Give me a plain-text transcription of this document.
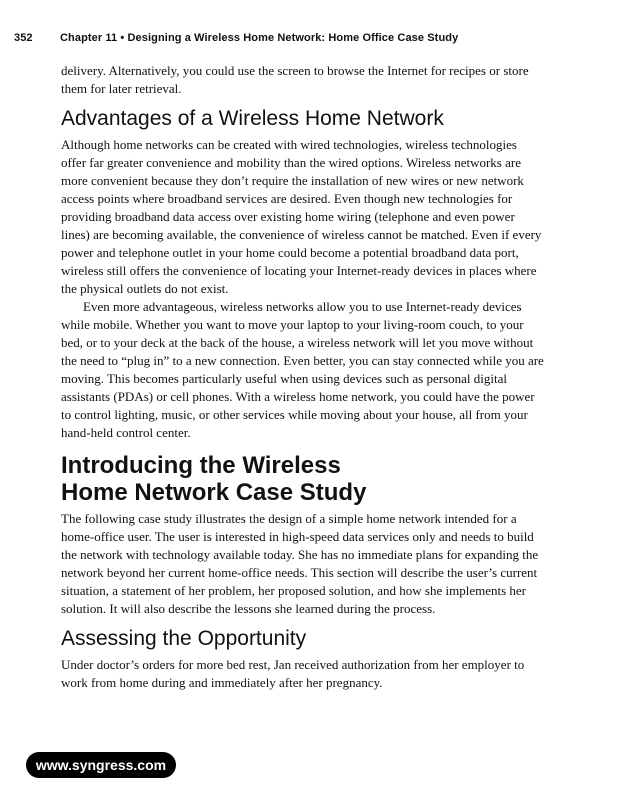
352 Chapter 11 • Designing a Wireless Home Network: Home Office Case Study

delivery. Alternatively, you could use the screen to browse the Internet for recipes or store them for later retrieval.

Advantages of a Wireless Home Network

Although home networks can be created with wired technologies, wireless technologies offer far greater convenience and mobility than the wired options. Wireless networks are more convenient because they don’t require the installation of new wires or new network access points where broadband services are desired. Even though new technologies for providing broadband data access over existing home wiring (telephone and even power lines) are becoming available, the convenience of wireless cannot be matched. Even if every power and telephone outlet in your home could become a potential broadband data port, wireless still offers the convenience of locating your Internet-ready devices in places where the physical outlets do not exist.

Even more advantageous, wireless networks allow you to use Internet-ready devices while mobile. Whether you want to move your laptop to your living-room couch, to your bed, or to your deck at the back of the house, a wireless network will let you move without the need to “plug in” to a new connection. Even better, you can stay connected while you are moving. This becomes particularly useful when using devices such as personal digital assistants (PDAs) or cell phones. With a wireless home network, you could have the power to control lighting, music, or other services while moving about your house, all from your hand-held control center.

Introducing the Wireless
Home Network Case Study

The following case study illustrates the design of a simple home network intended for a home-office user. The user is interested in high-speed data services only and needs to build the network with technology available today. She has no immediate plans for expanding the network beyond her current home-office needs. This section will describe the user’s current situation, a statement of her problem, her proposed solution, and how she implements her solution. It will also describe the lessons she learned during the process.

Assessing the Opportunity

Under doctor’s orders for more bed rest, Jan received authorization from her employer to work from home during and immediately after her pregnancy.

www.syngress.com
